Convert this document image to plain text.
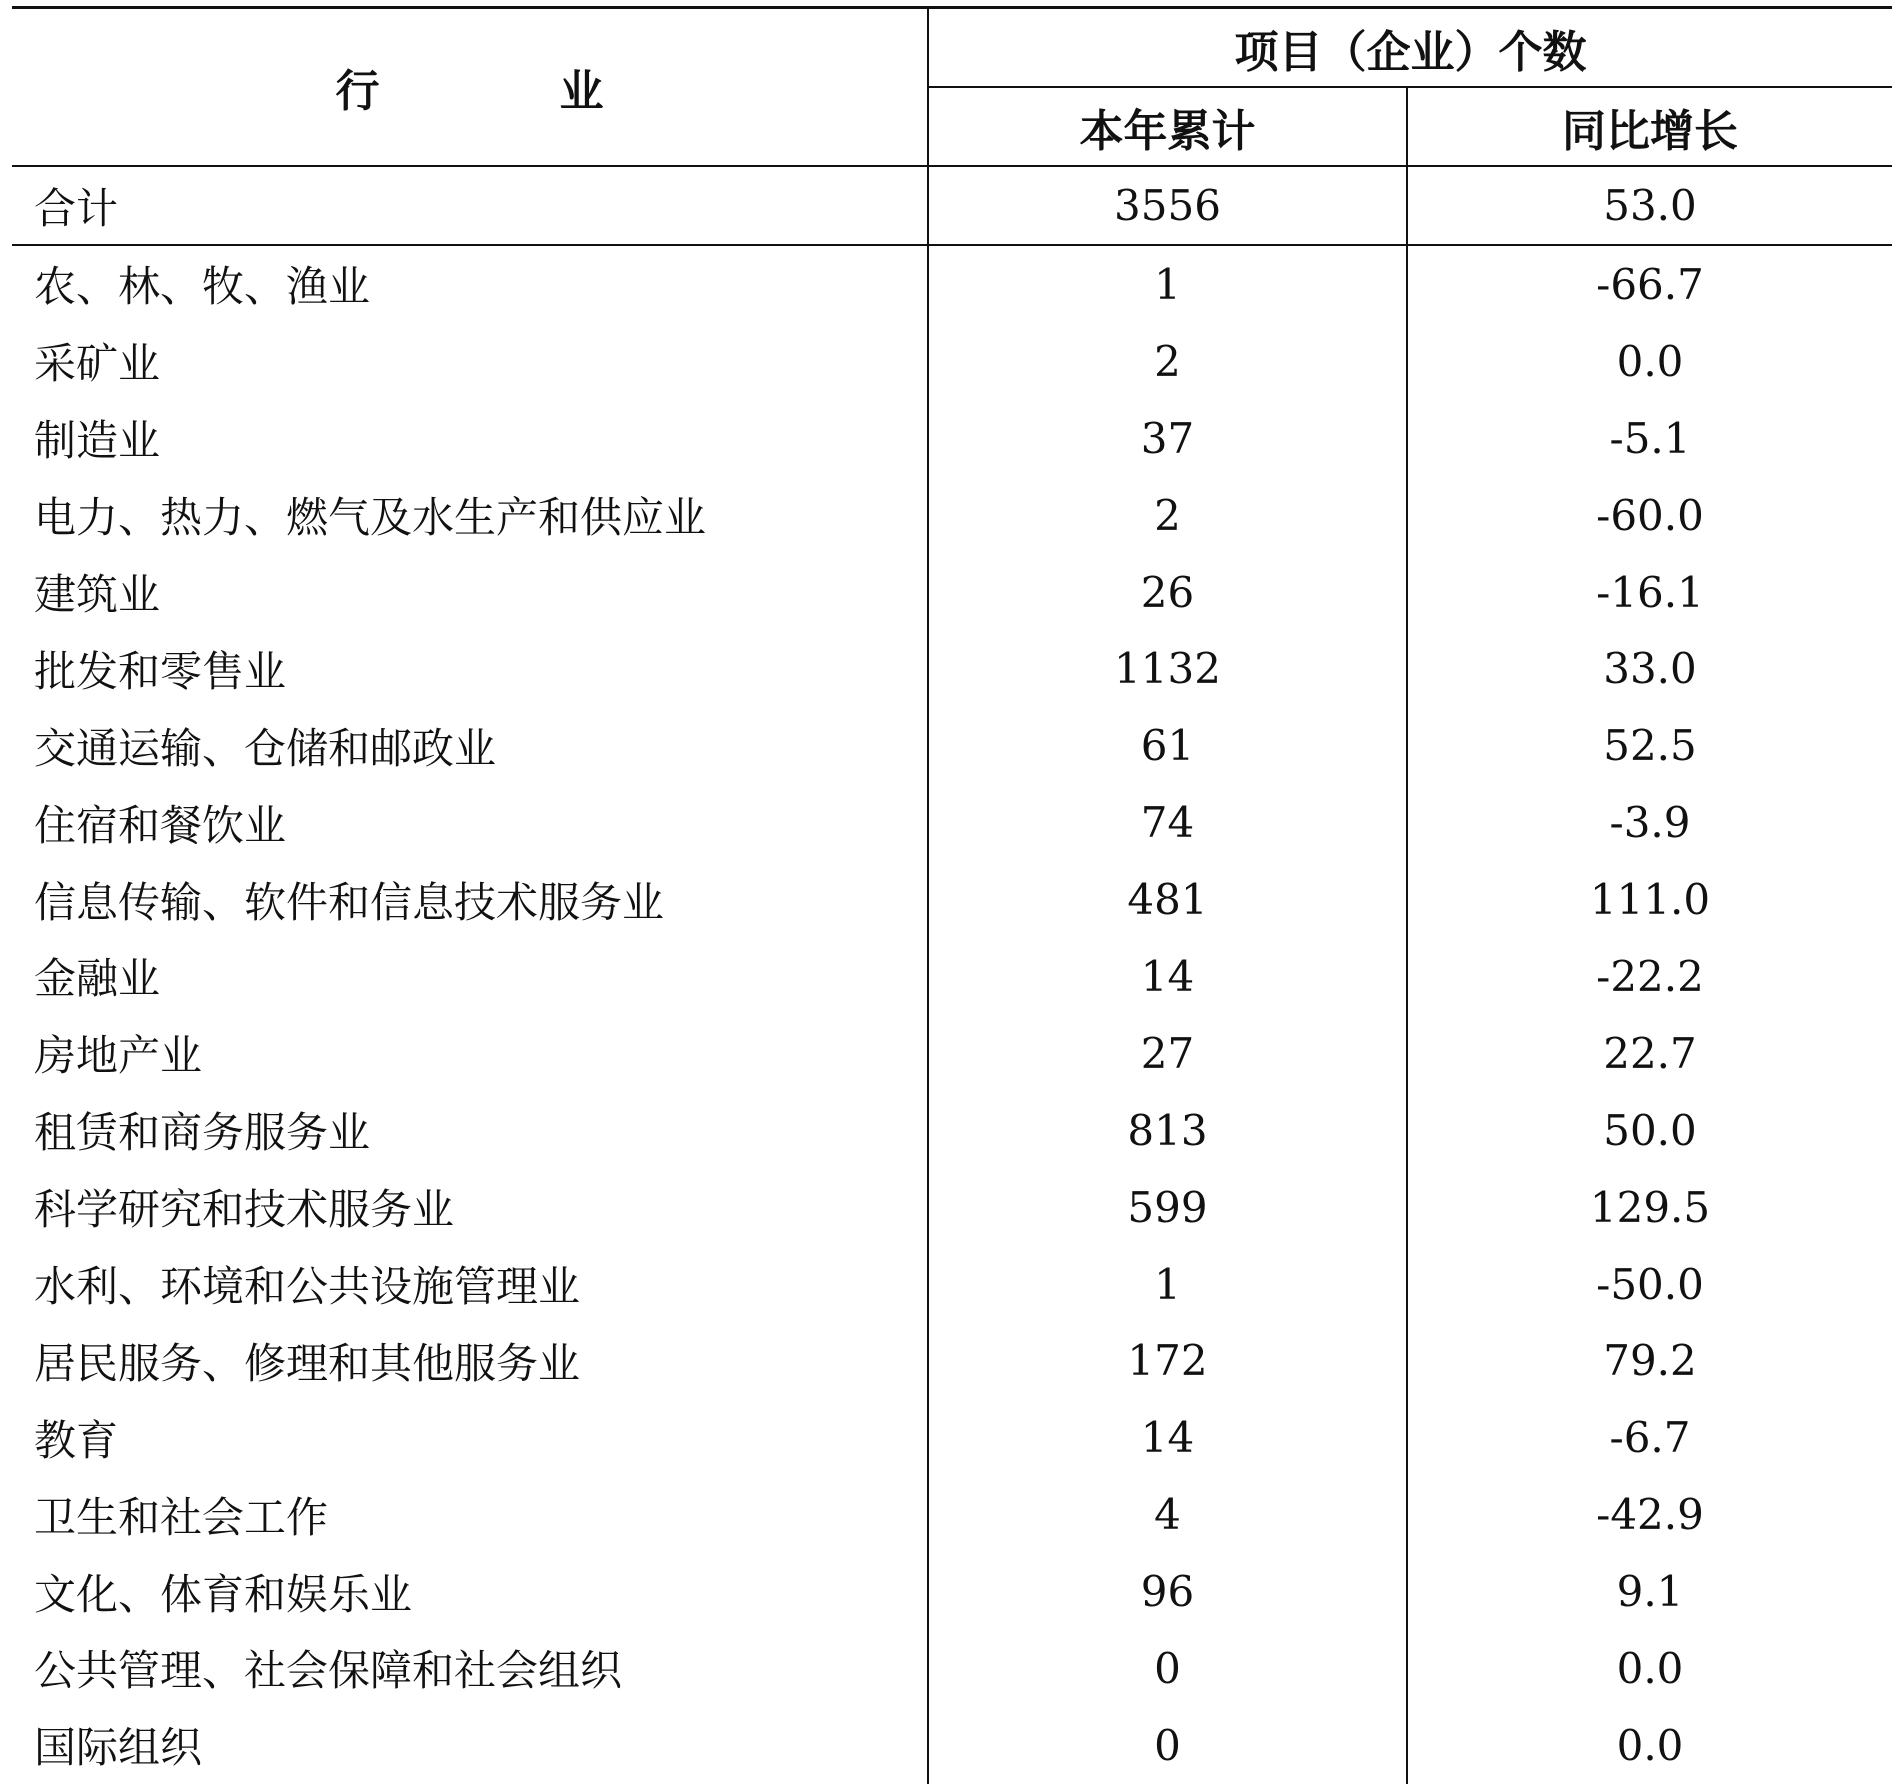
行 业	项目（企业）个数	
	本年累计	同比增长
合计	3556	53.0
农、林、牧、渔业	1	-66.7
采矿业	2	0.0
制造业	37	-5.1
电力、热力、燃气及水生产和供应业	2	-60.0
建筑业	26	-16.1
批发和零售业	1132	33.0
交通运输、仓储和邮政业	61	52.5
住宿和餐饮业	74	-3.9
信息传输、软件和信息技术服务业	481	111.0
金融业	14	-22.2
房地产业	27	22.7
租赁和商务服务业	813	50.0
科学研究和技术服务业	599	129.5
水利、环境和公共设施管理业	1	-50.0
居民服务、修理和其他服务业	172	79.2
教育	14	-6.7
卫生和社会工作	4	-42.9
文化、体育和娱乐业	96	9.1
公共管理、社会保障和社会组织	0	0.0
国际组织	0	0.0
